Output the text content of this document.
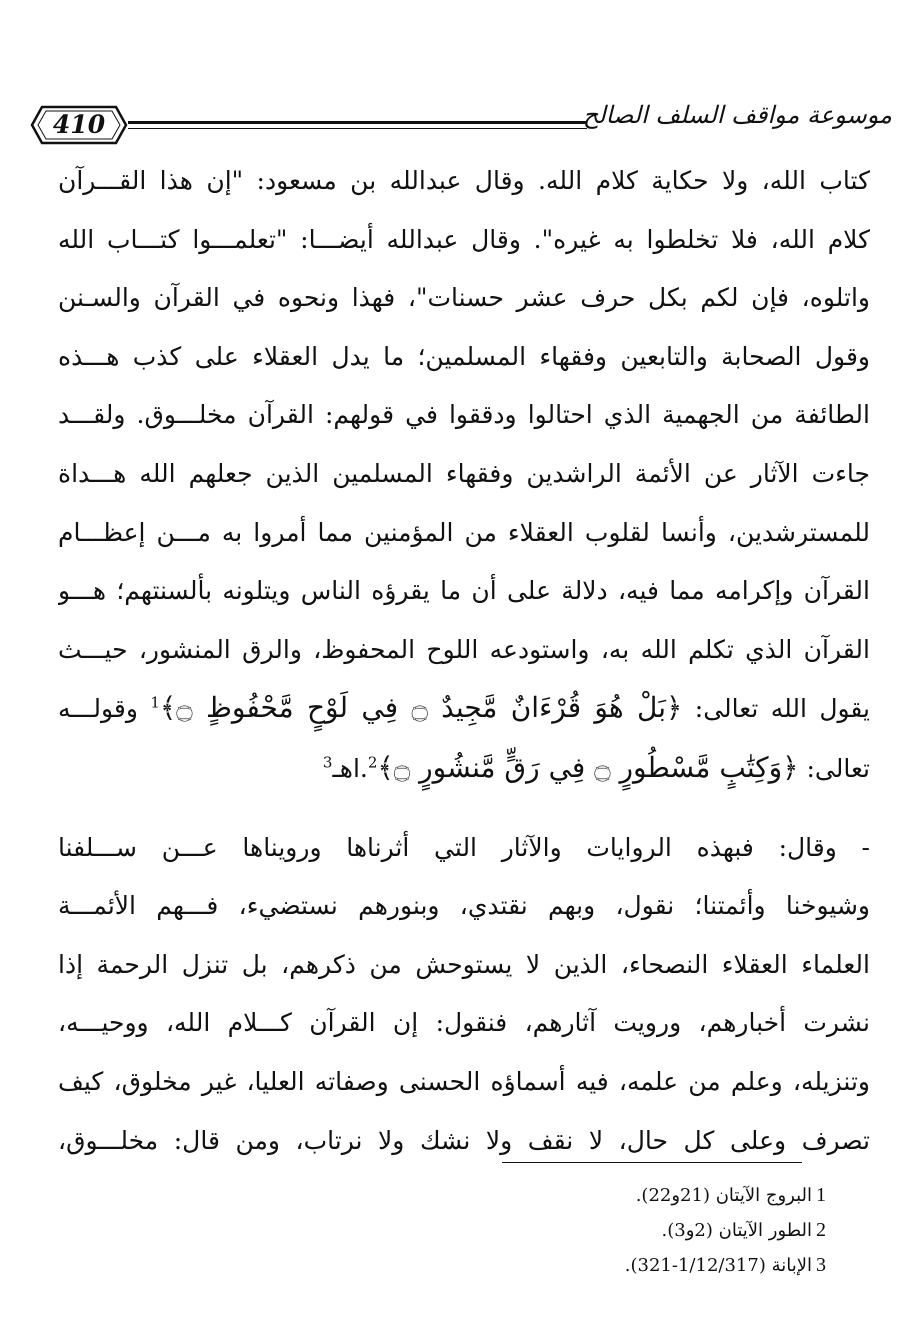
موسوعة مواقف السلف الصالح
410
كتاب الله، ولا حكاية كلام الله. وقال عبدالله بن مسعود: "إن هذا القـــرآن
كلام الله، فلا تخلطوا به غيره". وقال عبدالله أيضـــا: "تعلمـــوا كتـــاب الله
واتلوه، فإن لكم بكل حرف عشر حسنات"، فهذا ونحوه في القرآن والسـنن
وقول الصحابة والتابعين وفقهاء المسلمين؛ ما يدل العقلاء على كذب هـــذه
الطائفة من الجهمية الذي احتالوا ودققوا في قولهم: القرآن مخلـــوق. ولقـــد
جاءت الآثار عن الأئمة الراشدين وفقهاء المسلمين الذين جعلهم الله هـــداة
للمسترشدين، وأنسا لقلوب العقلاء من المؤمنين مما أمروا به مـــن إعظـــام
القرآن وإكرامه مما فيه، دلالة على أن ما يقرؤه الناس ويتلونه بألسنتهم؛ هـــو
القرآن الذي تكلم الله به، واستودعه اللوح المحفوظ، والرق المنشور، حيـــث
يقول الله تعالى: ﴿بَلْ هُوَ قُرْءَانٌ مَّجِيدٌ ۝ فِي لَوْحٍ مَّحْفُوظٍ ۝﴾$^1$ وقولـــه
تعالى: ﴿وَكِتَٰبٍ مَّسْطُورٍ ۝ فِي رَقٍّ مَّنشُورٍ ۝﴾$^2$.اهـ$^3$
- وقال: فبهذه الروايات والآثار التي أثرناها ورويناها عـــن ســـلفنا
وشيوخنا وأئمتنا؛ نقول، وبهم نقتدي، وبنورهم نستضيء، فـــهم الأئمـــة
العلماء العقلاء النصحاء، الذين لا يستوحش من ذكرهم، بل تنزل الرحمة إذا
نشرت أخبارهم، ورويت آثارهم، فنقول: إن القرآن كـــلام الله، ووحيـــه،
وتنزيله، وعلم من علمه، فيه أسماؤه الحسنى وصفاته العليا، غير مخلوق، كيف
تصرف وعلى كل حال، لا نقف ولا نشك ولا نرتاب، ومن قال: مخلـــوق،
1البروج الآيتان (21و22).
2الطور الآيتان (2و3).
3الإبانة (1/12/317-321).
